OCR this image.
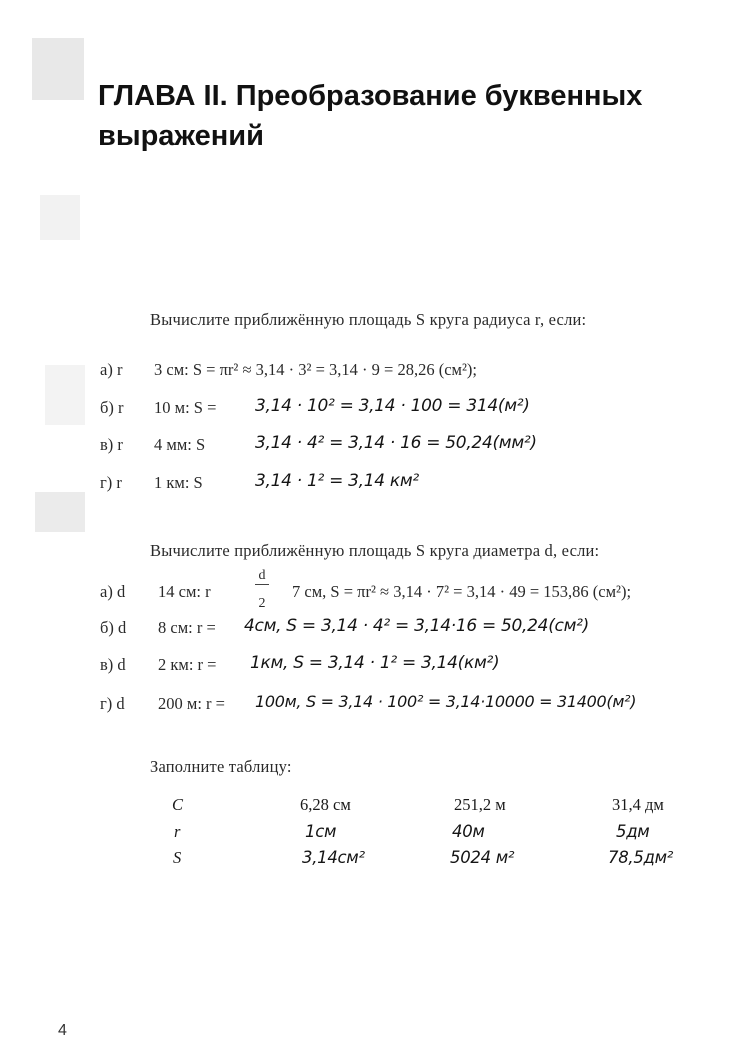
ГЛАВА II. Преобразование буквенных
выражений
Вычислите приближённую площадь S круга радиуса r, если:
а) r 3 см: S = πr² ≈ 3,14 · 3² = 3,14 · 9 = 28,26 (см²);
б) r 10 м: S = 3,14 · 10² = 3,14 · 100 = 314(м²)
в) r 4 мм: S	3,14 · 4² = 3,14 · 16 = 50,24(мм²)
г) r 1 км: S	3,14 · 1² = 3,14 км²
Вычислите приближённую площадь S круга диаметра d, если:
а) d 14 см: r
d
2
7 см, S = πr² ≈ 3,14 · 7² = 3,14 · 49 = 153,86 (см²);
б) d 8 см: r = 4см, S = 3,14 · 4² = 3,14·16 = 50,24(см²)
в) d 2 км: r = 1км, S = 3,14 · 1² = 3,14(км²)
г) d 200 м: r = 100м, S = 3,14 · 100² = 3,14·10000 = 31400(м²)
Заполните таблицу:
C	6,28 см	251,2 м	31,4 дм
r	1см	40м	5дм
S	3,14см²	5024 м²	78,5дм²
4
